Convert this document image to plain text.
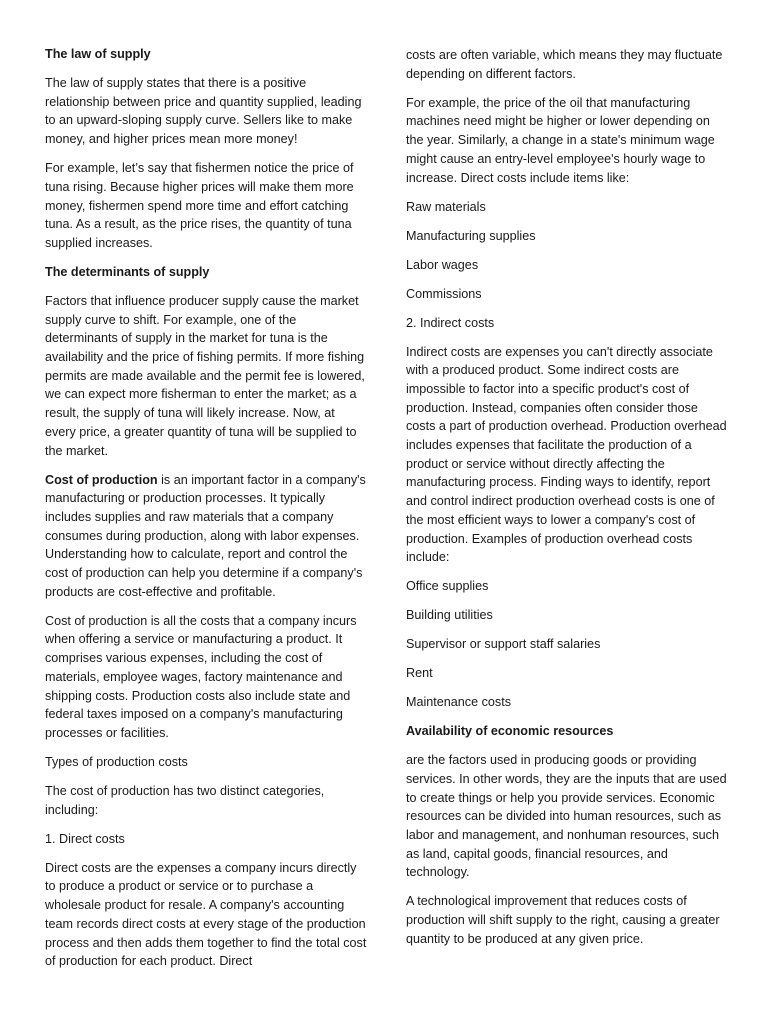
The law of supply

The law of supply states that there is a positive relationship between price and quantity supplied, leading to an upward-sloping supply curve. Sellers like to make money, and higher prices mean more money!

For example, let’s say that fishermen notice the price of tuna rising. Because higher prices will make them more money, fishermen spend more time and effort catching tuna. As a result, as the price rises, the quantity of tuna supplied increases.

The determinants of supply

Factors that influence producer supply cause the market supply curve to shift. For example, one of the determinants of supply in the market for tuna is the availability and the price of fishing permits. If more fishing permits are made available and the permit fee is lowered, we can expect more fisherman to enter the market; as a result, the supply of tuna will likely increase. Now, at every price, a greater quantity of tuna will be supplied to the market.

Cost of production is an important factor in a company's manufacturing or production processes. It typically includes supplies and raw materials that a company consumes during production, along with labor expenses. Understanding how to calculate, report and control the cost of production can help you determine if a company's products are cost-effective and profitable.

Cost of production is all the costs that a company incurs when offering a service or manufacturing a product. It comprises various expenses, including the cost of materials, employee wages, factory maintenance and shipping costs. Production costs also include state and federal taxes imposed on a company's manufacturing processes or facilities.

Types of production costs

The cost of production has two distinct categories, including:

1. Direct costs

Direct costs are the expenses a company incurs directly to produce a product or service or to purchase a wholesale product for resale. A company's accounting team records direct costs at every stage of the production process and then adds them together to find the total cost of production for each product. Direct

costs are often variable, which means they may fluctuate depending on different factors.

For example, the price of the oil that manufacturing machines need might be higher or lower depending on the year. Similarly, a change in a state's minimum wage might cause an entry-level employee's hourly wage to increase. Direct costs include items like:

Raw materials

Manufacturing supplies

Labor wages

Commissions

2. Indirect costs

Indirect costs are expenses you can't directly associate with a produced product. Some indirect costs are impossible to factor into a specific product's cost of production. Instead, companies often consider those costs a part of production overhead. Production overhead includes expenses that facilitate the production of a product or service without directly affecting the manufacturing process. Finding ways to identify, report and control indirect production overhead costs is one of the most efficient ways to lower a company's cost of production. Examples of production overhead costs include:

Office supplies

Building utilities

Supervisor or support staff salaries

Rent

Maintenance costs

Availability of economic resources

are the factors used in producing goods or providing services. In other words, they are the inputs that are used to create things or help you provide services. Economic resources can be divided into human resources, such as labor and management, and nonhuman resources, such as land, capital goods, financial resources, and technology.

A technological improvement that reduces costs of production will shift supply to the right, causing a greater quantity to be produced at any given price.
